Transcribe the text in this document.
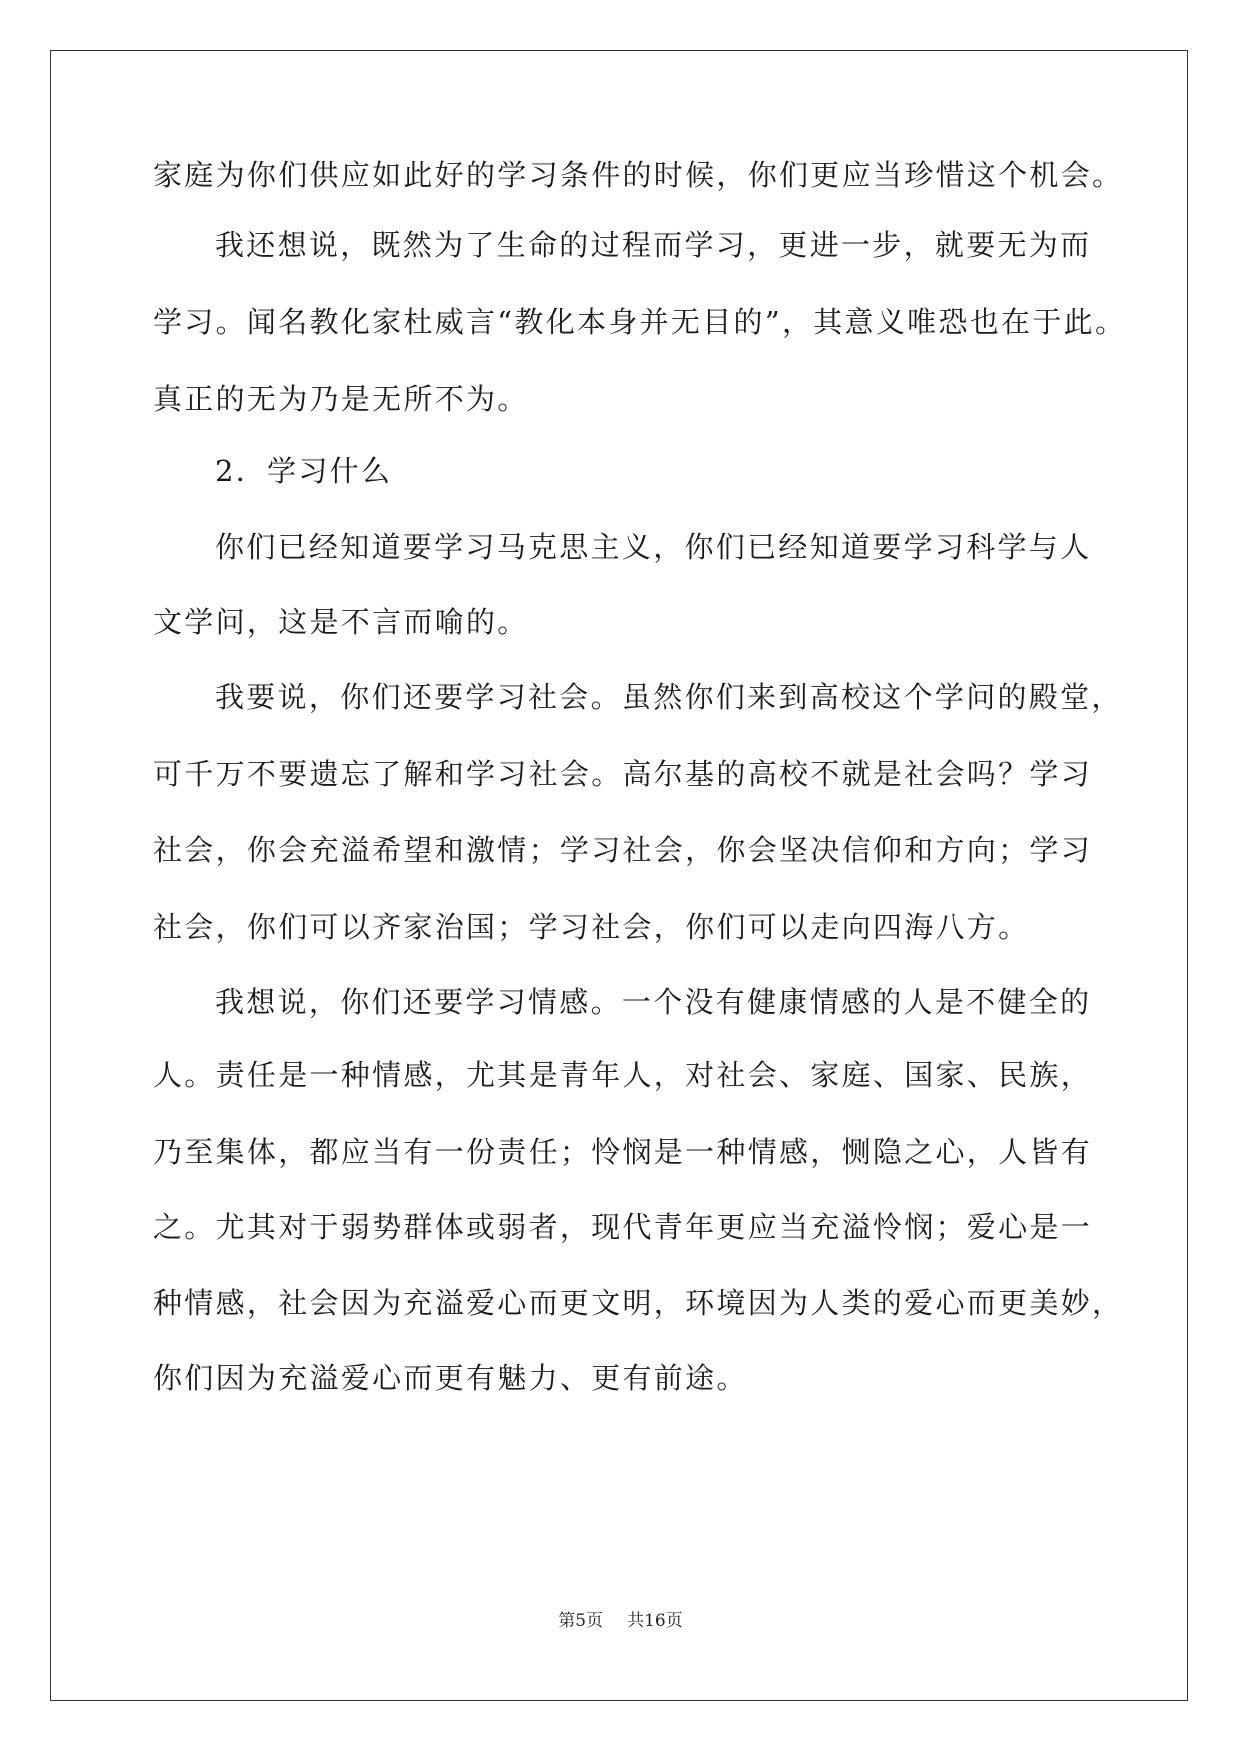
家庭为你们供应如此好的学习条件的时候，你们更应当珍惜这个机会。
我还想说，既然为了生命的过程而学习，更进一步，就要无为而
学习。闻名教化家杜威言“教化本身并无目的”，其意义唯恐也在于此。
真正的无为乃是无所不为。
2．学习什么
你们已经知道要学习马克思主义，你们已经知道要学习科学与人
文学问，这是不言而喻的。
我要说，你们还要学习社会。虽然你们来到高校这个学问的殿堂，
可千万不要遗忘了解和学习社会。高尔基的高校不就是社会吗？学习
社会，你会充溢希望和激情；学习社会，你会坚决信仰和方向；学习
社会，你们可以齐家治国；学习社会，你们可以走向四海八方。
我想说，你们还要学习情感。一个没有健康情感的人是不健全的
人。责任是一种情感，尤其是青年人，对社会、家庭、国家、民族，
乃至集体，都应当有一份责任；怜悯是一种情感，恻隐之心，人皆有
之。尤其对于弱势群体或弱者，现代青年更应当充溢怜悯；爱心是一
种情感，社会因为充溢爱心而更文明，环境因为人类的爱心而更美妙，
你们因为充溢爱心而更有魅力、更有前途。
第5页 共16页
